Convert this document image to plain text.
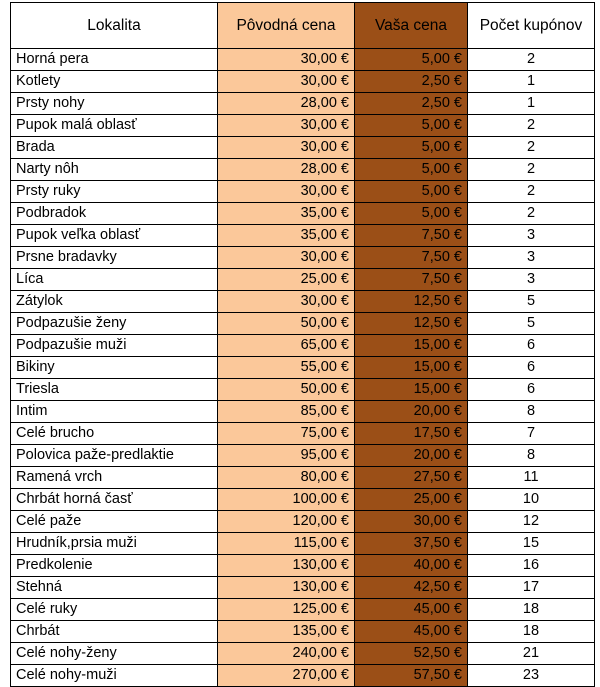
Lokalita	Pôvodná cena	Vaša cena	Počet kupónov
Horná pera	30,00 €	5,00 €	2
Kotlety	30,00 €	2,50 €	1
Prsty nohy	28,00 €	2,50 €	1
Pupok malá oblasť	30,00 €	5,00 €	2
Brada	30,00 €	5,00 €	2
Narty nôh	28,00 €	5,00 €	2
Prsty ruky	30,00 €	5,00 €	2
Podbradok	35,00 €	5,00 €	2
Pupok veľka oblasť	35,00 €	7,50 €	3
Prsne bradavky	30,00 €	7,50 €	3
Líca	25,00 €	7,50 €	3
Zátylok	30,00 €	12,50 €	5
Podpazušie ženy	50,00 €	12,50 €	5
Podpazušie muži	65,00 €	15,00 €	6
Bikiny	55,00 €	15,00 €	6
Triesla	50,00 €	15,00 €	6
Intim	85,00 €	20,00 €	8
Celé brucho	75,00 €	17,50 €	7
Polovica paže-predlaktie	95,00 €	20,00 €	8
Ramená vrch	80,00 €	27,50 €	11
Chrbát horná časť	100,00 €	25,00 €	10
Celé paže	120,00 €	30,00 €	12
Hrudník,prsia muži	115,00 €	37,50 €	15
Predkolenie	130,00 €	40,00 €	16
Stehná	130,00 €	42,50 €	17
Celé ruky	125,00 €	45,00 €	18
Chrbát	135,00 €	45,00 €	18
Celé nohy-ženy	240,00 €	52,50 €	21
Celé nohy-muži	270,00 €	57,50 €	23
